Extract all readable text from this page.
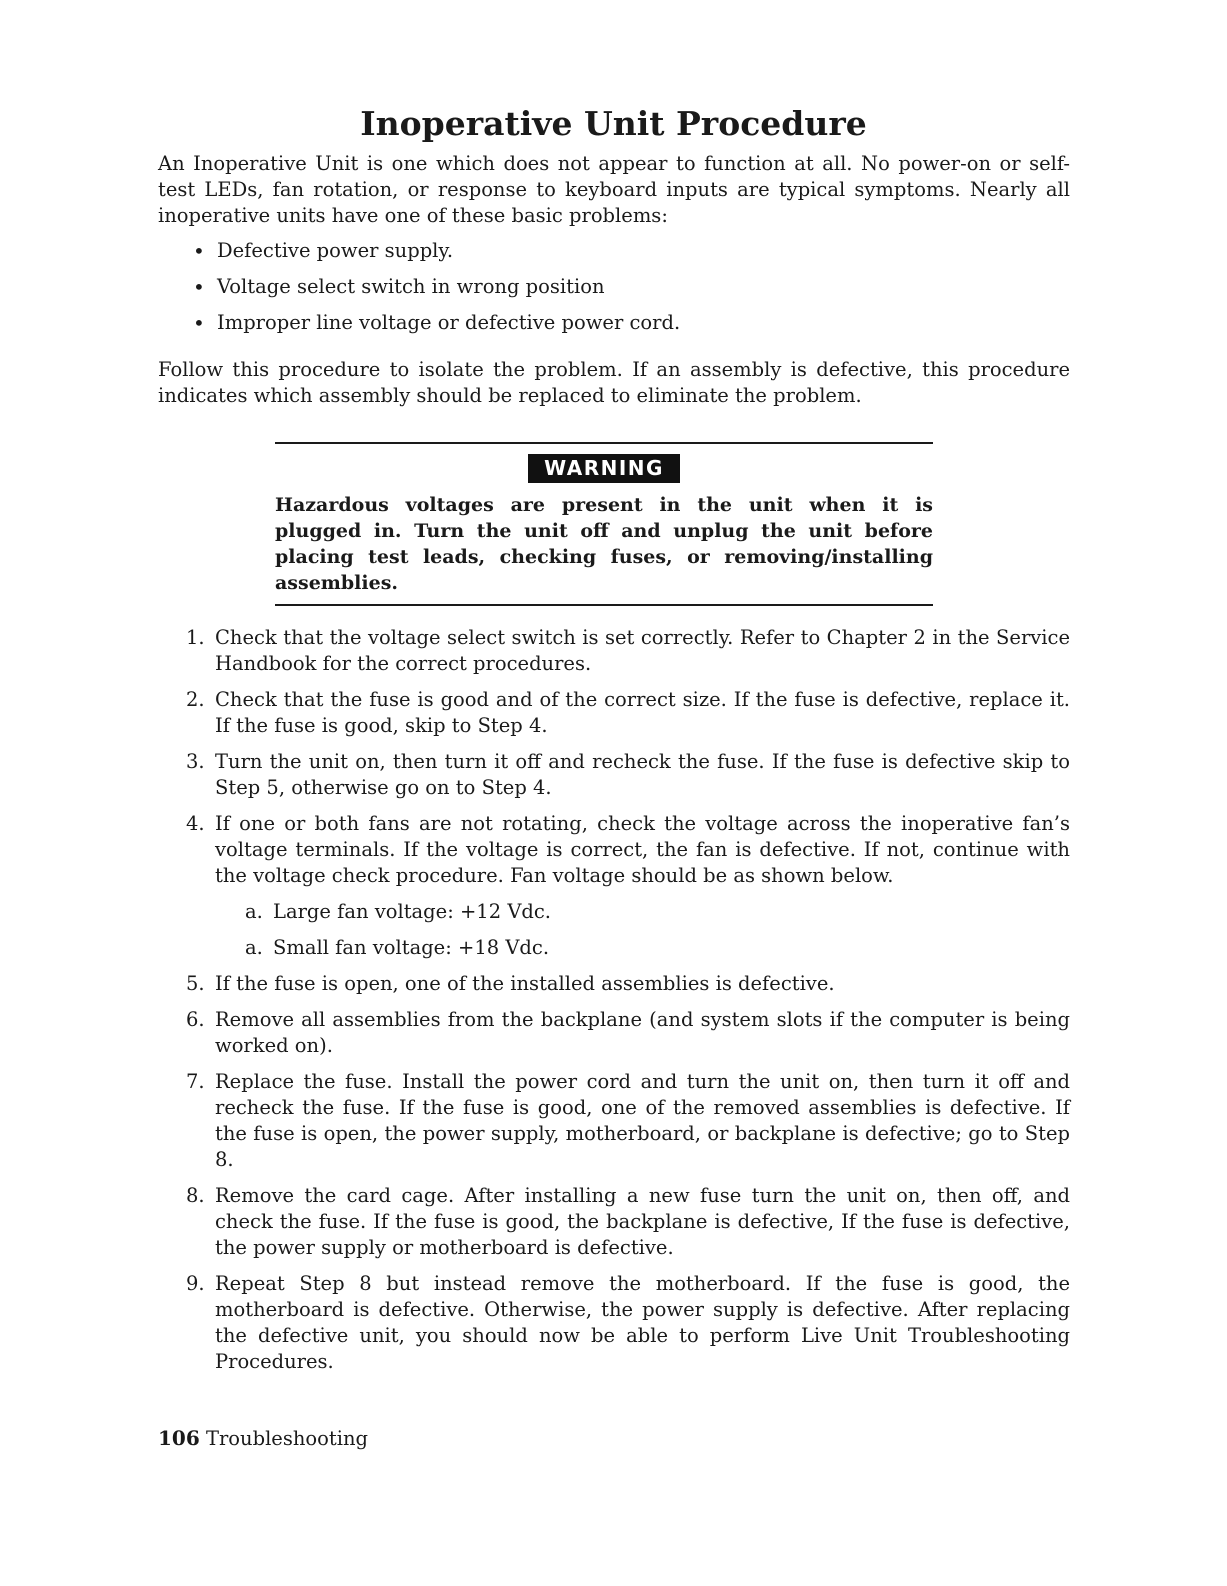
Inoperative Unit Procedure

An Inoperative Unit is one which does not appear to function at all. No power-on or self-test LEDs, fan rotation, or response to keyboard inputs are typical symptoms. Nearly all inoperative units have one of these basic problems:

• Defective power supply.
• Voltage select switch in wrong position
• Improper line voltage or defective power cord.

Follow this procedure to isolate the problem. If an assembly is defective, this procedure indicates which assembly should be replaced to eliminate the problem.

WARNING

Hazardous voltages are present in the unit when it is plugged in. Turn the unit off and unplug the unit before placing test leads, checking fuses, or removing/installing assemblies.

1. Check that the voltage select switch is set correctly. Refer to Chapter 2 in the Service Handbook for the correct procedures.
2. Check that the fuse is good and of the correct size. If the fuse is defective, replace it. If the fuse is good, skip to Step 4.
3. Turn the unit on, then turn it off and recheck the fuse. If the fuse is defective skip to Step 5, otherwise go on to Step 4.
4. If one or both fans are not rotating, check the voltage across the inoperative fan’s voltage terminals. If the voltage is correct, the fan is defective. If not, continue with the voltage check procedure. Fan voltage should be as shown below.
a. Large fan voltage: +12 Vdc.
a. Small fan voltage: +18 Vdc.
5. If the fuse is open, one of the installed assemblies is defective.
6. Remove all assemblies from the backplane (and system slots if the computer is being worked on).
7. Replace the fuse. Install the power cord and turn the unit on, then turn it off and recheck the fuse. If the fuse is good, one of the removed assemblies is defective. If the fuse is open, the power supply, motherboard, or backplane is defective; go to Step 8.
8. Remove the card cage. After installing a new fuse turn the unit on, then off, and check the fuse. If the fuse is good, the backplane is defective, If the fuse is defective, the power supply or motherboard is defective.
9. Repeat Step 8 but instead remove the motherboard. If the fuse is good, the motherboard is defective. Otherwise, the power supply is defective. After replacing the defective unit, you should now be able to perform Live Unit Troubleshooting Procedures.
106 Troubleshooting
